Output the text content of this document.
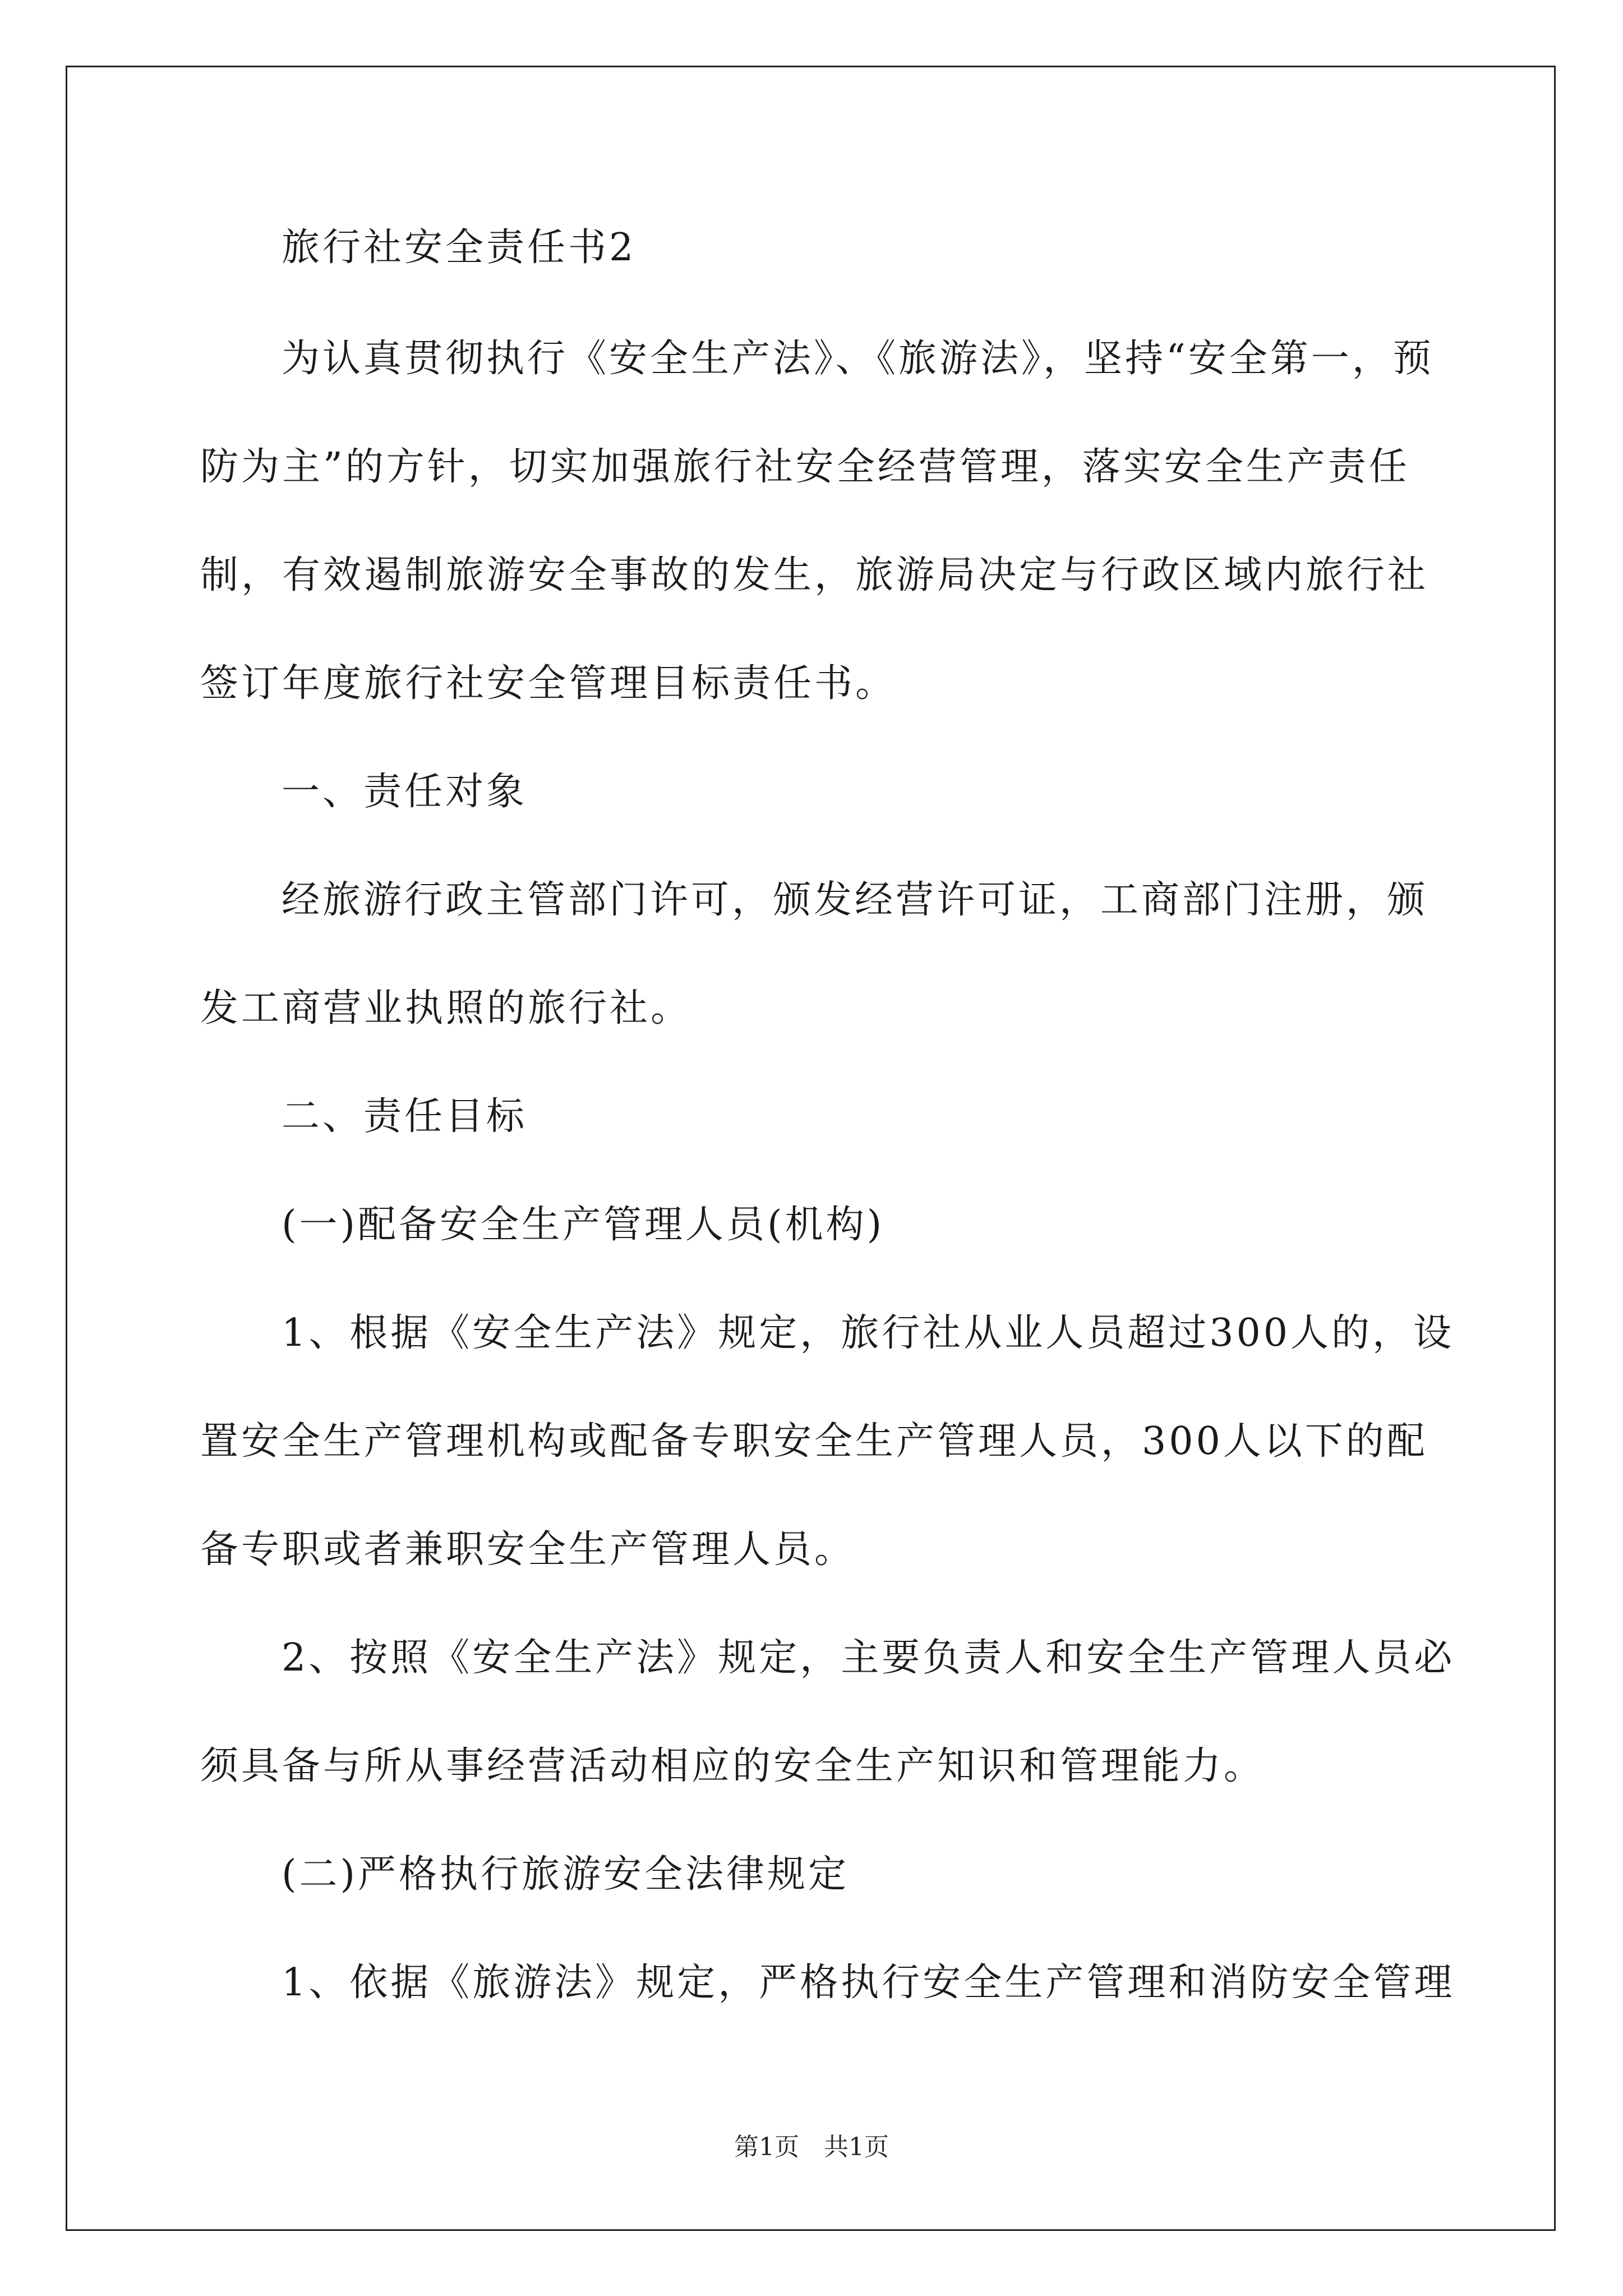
旅行社安全责任书2
为认真贯彻执行《安全生产法》、《旅游法》，坚持“安全第一，预
防为主”的方针，切实加强旅行社安全经营管理，落实安全生产责任
制，有效遏制旅游安全事故的发生，旅游局决定与行政区域内旅行社
签订年度旅行社安全管理目标责任书。
一、责任对象
经旅游行政主管部门许可，颁发经营许可证，工商部门注册，颁
发工商营业执照的旅行社。
二、责任目标
(一)配备安全生产管理人员(机构)
1、根据《安全生产法》规定，旅行社从业人员超过300人的，设
置安全生产管理机构或配备专职安全生产管理人员，300人以下的配
备专职或者兼职安全生产管理人员。
2、按照《安全生产法》规定，主要负责人和安全生产管理人员必
须具备与所从事经营活动相应的安全生产知识和管理能力。
(二)严格执行旅游安全法律规定
1、依据《旅游法》规定，严格执行安全生产管理和消防安全管理
第1页　共1页
